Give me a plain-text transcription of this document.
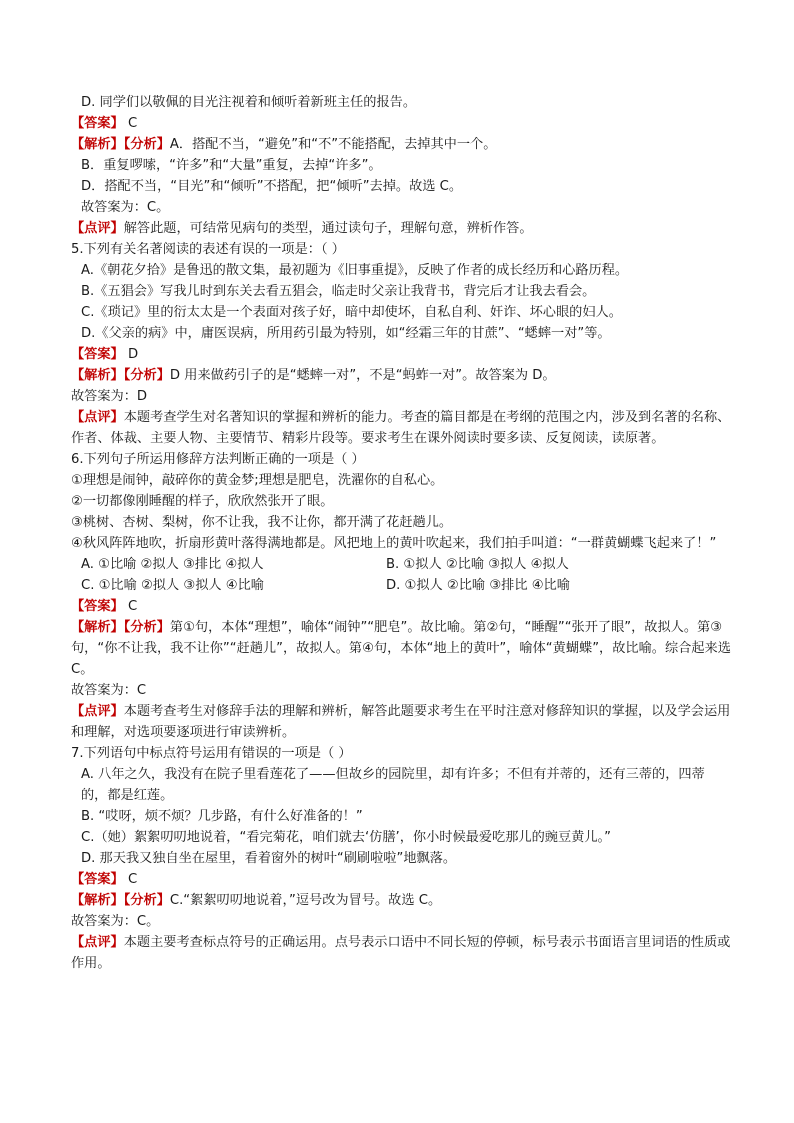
D. 同学们以敬佩的目光注视着和倾听着新班主任的报告。
【答案】 C
【解析】【分析】A．搭配不当，“避免”和“不”不能搭配，去掉其中一个。
B．重复啰嗦，“许多”和“大量”重复，去掉“许多”。
D．搭配不当，“目光”和“倾听”不搭配，把“倾听”去掉。故选 C。
故答案为：C。
【点评】解答此题，可结常见病句的类型，通过读句子，理解句意，辨析作答。
5.下列有关名著阅读的表述有误的一项是：（ ）
A.《朝花夕拾》是鲁迅的散文集，最初题为《旧事重提》，反映了作者的成长经历和心路历程。
B.《五猖会》写我儿时到东关去看五猖会，临走时父亲让我背书，背完后才让我去看会。
C.《琐记》里的衍太太是一个表面对孩子好，暗中却使坏，自私自利、奸诈、坏心眼的妇人。
D.《父亲的病》中，庸医误病，所用药引最为特别，如“经霜三年的甘蔗”、“蟋蟀一对”等。
【答案】 D
【解析】【分析】D 用来做药引子的是“蟋蟀一对”，不是“蚂蚱一对”。故答案为 D。
故答案为：D
【点评】本题考查学生对名著知识的掌握和辨析的能力。考查的篇目都是在考纲的范围之内，涉及到名著的名称、作者、体裁、主要人物、主要情节、精彩片段等。要求考生在课外阅读时要多读、反复阅读，读原著。
6.下列句子所运用修辞方法判断正确的一项是（ ）
①理想是闹钟，敲碎你的黄金梦;理想是肥皂，洗濯你的自私心。
②一切都像刚睡醒的样子，欣欣然张开了眼。
③桃树、杏树、梨树，你不让我，我不让你，都开满了花赶趟儿。
④秋风阵阵地吹，折扇形黄叶落得满地都是。风把地上的黄叶吹起来，我们拍手叫道：“一群黄蝴蝶飞起来了！”
A. ①比喻 ②拟人 ③排比 ④拟人	B. ①拟人 ②比喻 ③拟人 ④拟人
C. ①比喻 ②拟人 ③拟人 ④比喻	D. ①拟人 ②比喻 ③排比 ④比喻
【答案】 C
【解析】【分析】第①句，本体“理想”，喻体“闹钟”“肥皂”。故比喻。第②句，“睡醒”“张开了眼”，故拟人。第③句，“你不让我，我不让你”“赶趟儿”，故拟人。第④句，本体“地上的黄叶”，喻体“黄蝴蝶”，故比喻。综合起来选 C。
故答案为：C
【点评】本题考查考生对修辞手法的理解和辨析，解答此题要求考生在平时注意对修辞知识的掌握，以及学会运用和理解，对选项要逐项进行审读辨析。
7.下列语句中标点符号运用有错误的一项是（ ）
A. 八年之久，我没有在院子里看莲花了——但故乡的园院里，却有许多；不但有并蒂的，还有三蒂的，四蒂的，都是红莲。
B. “哎呀，烦不烦？几步路，有什么好准备的！”
C.（她）絮絮叨叨地说着，“看完菊花，咱们就去‘仿膳’，你小时候最爱吃那儿的豌豆黄儿。”
D. 那天我又独自坐在屋里，看着窗外的树叶“刷刷啦啦”地飘落。
【答案】 C
【解析】【分析】C.“絮絮叨叨地说着，”逗号改为冒号。故选 C。
故答案为：C。
【点评】本题主要考查标点符号的正确运用。点号表示口语中不同长短的停顿，标号表示书面语言里词语的性质或作用。
